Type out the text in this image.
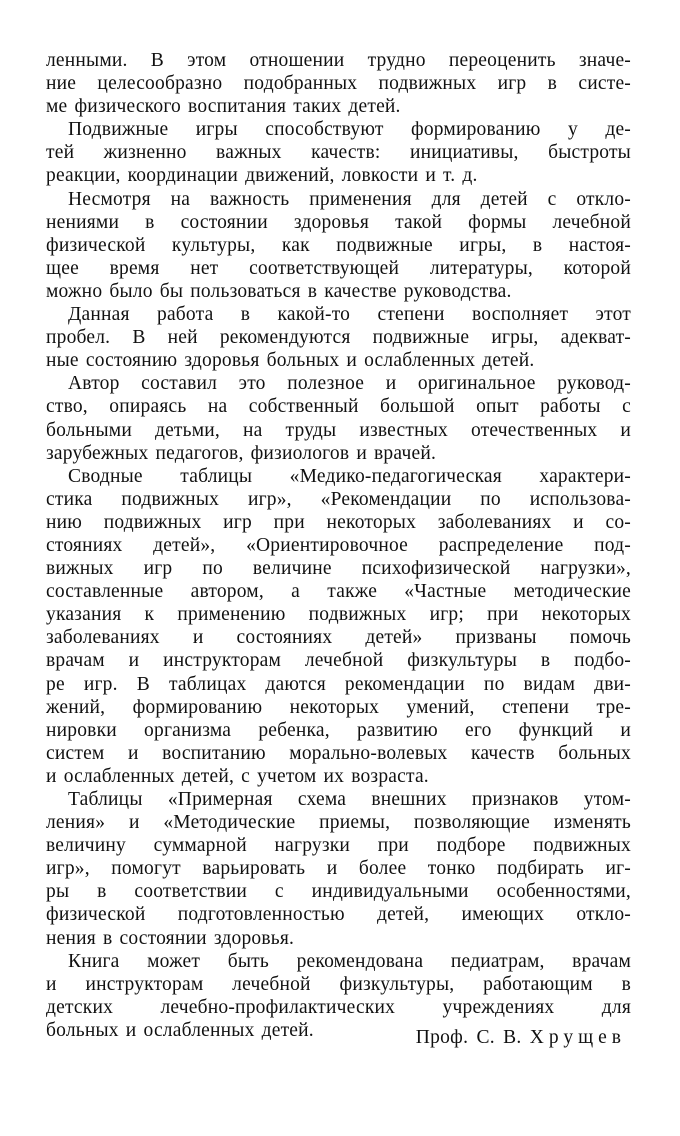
ленными. В этом отношении трудно переоценить значе-
ние целесообразно подобранных подвижных игр в систе-
ме физического воспитания таких детей.
Подвижные игры способствуют формированию у де-
тей жизненно важных качеств: инициативы, быстроты
реакции, координации движений, ловкости и т. д.
Несмотря на важность применения для детей с откло-
нениями в состоянии здоровья такой формы лечебной
физической культуры, как подвижные игры, в настоя-
щее время нет соответствующей литературы, которой
можно было бы пользоваться в качестве руководства.
Данная работа в какой-то степени восполняет этот
пробел. В ней рекомендуются подвижные игры, адекват-
ные состоянию здоровья больных и ослабленных детей.
Автор составил это полезное и оригинальное руковод-
ство, опираясь на собственный большой опыт работы с
больными детьми, на труды известных отечественных и
зарубежных педагогов, физиологов и врачей.
Сводные таблицы «Медико-педагогическая характери-
стика подвижных игр», «Рекомендации по использова-
нию подвижных игр при некоторых заболеваниях и со-
стояниях детей», «Ориентировочное распределение под-
вижных игр по величине психофизической нагрузки»,
составленные автором, а также «Частные методические
указания к применению подвижных игр; при некоторых
заболеваниях и состояниях детей» призваны помочь
врачам и инструкторам лечебной физкультуры в подбо-
ре игр. В таблицах даются рекомендации по видам дви-
жений, формированию некоторых умений, степени тре-
нировки организма ребенка, развитию его функций и
систем и воспитанию морально-волевых качеств больных
и ослабленных детей, с учетом их возраста.
Таблицы «Примерная схема внешних признаков утом-
ления» и «Методические приемы, позволяющие изменять
величину суммарной нагрузки при подборе подвижных
игр», помогут варьировать и более тонко подбирать иг-
ры в соответствии с индивидуальными особенностями,
физической подготовленностью детей, имеющих откло-
нения в состоянии здоровья.
Книга может быть рекомендована педиатрам, врачам
и инструкторам лечебной физкультуры, работающим в
детских лечебно-профилактических учреждениях для
больных и ослабленных детей.	Проф. С. В. Хрущев
